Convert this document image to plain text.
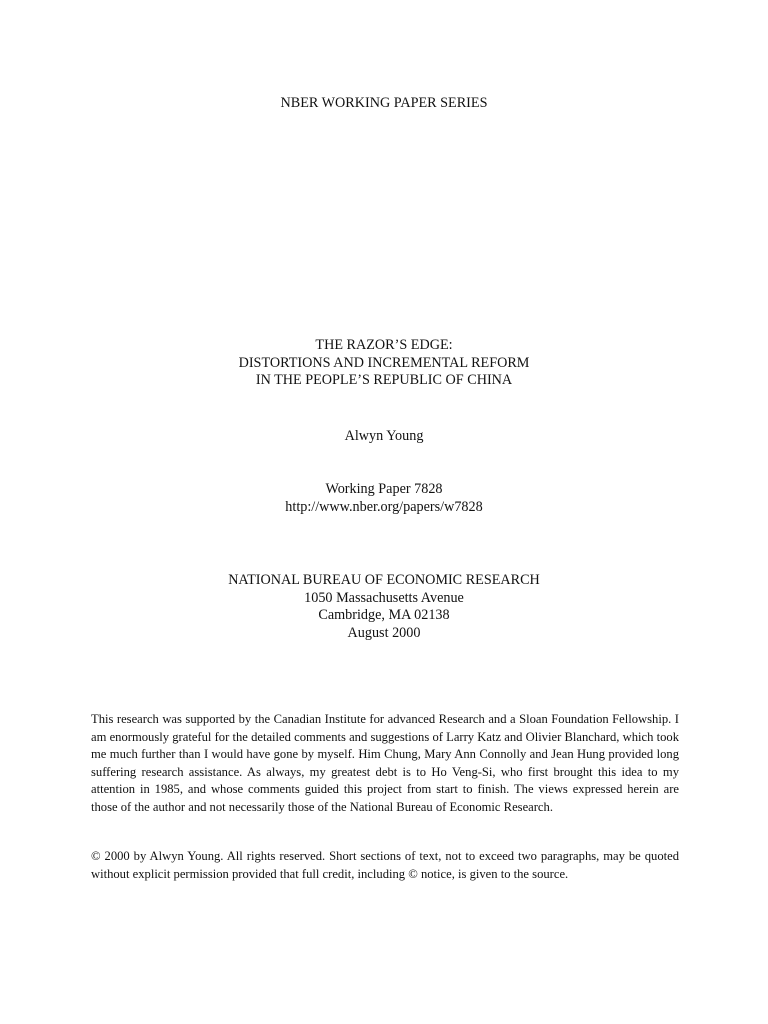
NBER WORKING PAPER SERIES
THE RAZOR’S EDGE:
DISTORTIONS AND INCREMENTAL REFORM
IN THE PEOPLE’S REPUBLIC OF CHINA
Alwyn Young
Working Paper 7828
http://www.nber.org/papers/w7828
NATIONAL BUREAU OF ECONOMIC RESEARCH
1050 Massachusetts Avenue
Cambridge, MA 02138
August 2000

This research was supported by the Canadian Institute for advanced Research and a Sloan Foundation Fellowship. I am enormously grateful for the detailed comments and suggestions of Larry Katz and Olivier Blanchard, which took me much further than I would have gone by myself. Him Chung, Mary Ann Connolly and Jean Hung provided long suffering research assistance. As always, my greatest debt is to Ho Veng-Si, who first brought this idea to my attention in 1985, and whose comments guided this project from start to finish. The views expressed herein are those of the author and not necessarily those of the National Bureau of Economic Research.

© 2000 by Alwyn Young. All rights reserved. Short sections of text, not to exceed two paragraphs, may be quoted without explicit permission provided that full credit, including © notice, is given to the source.
